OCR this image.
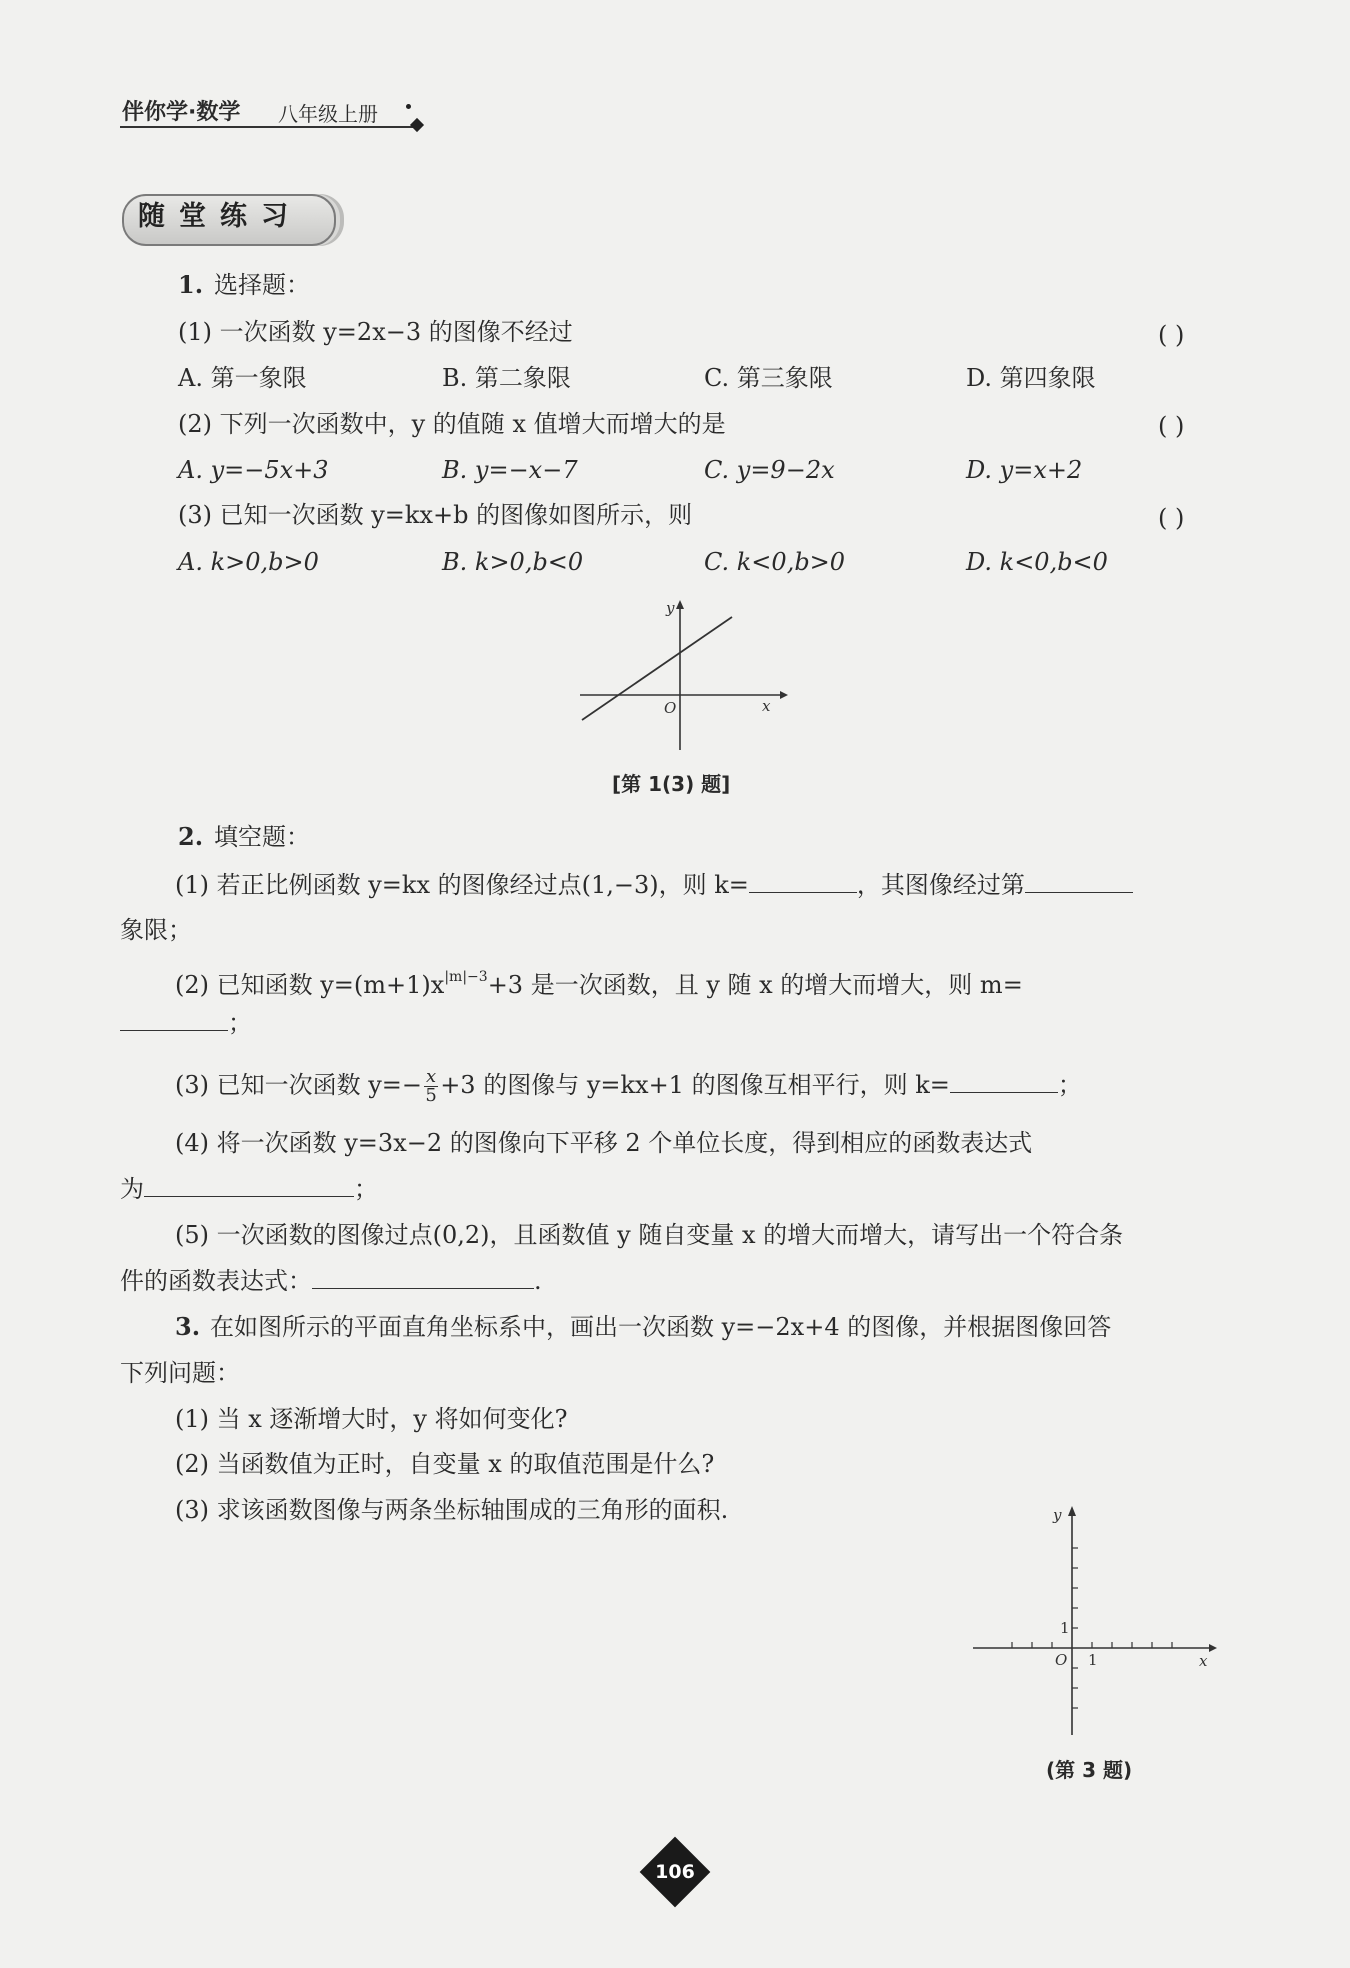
伴你学·数学 八年级上册
随堂练习
1. 选择题：
(1) 一次函数 y=2x−3 的图像不经过	( )
A. 第一象限	B. 第二象限	C. 第三象限	D. 第四象限
(2) 下列一次函数中，y 的值随 x 值增大而增大的是	( )
A. y=−5x+3	B. y=−x−7	C. y=9−2x	D. y=x+2
(3) 已知一次函数 y=kx+b 的图像如图所示，则	( )
A. k>0,b>0	B. k>0,b<0	C. k<0,b>0	D. k<0,b<0
y
x
O
[第 1(3) 题]
2. 填空题：
(1) 若正比例函数 y=kx 的图像经过点(1,−3)，则 k=	，其图像经过第
象限；
(2) 已知函数 $y=(m+1)x^{|m|-3}+3$ 是一次函数，且 y 随 x 的增大而增大，则 m=
；
(3) 已知一次函数 $y=- \frac{x}{5} +3$ 的图像与 y=kx+1 的图像互相平行，则 k=	；
(4) 将一次函数 y=3x−2 的图像向下平移 2 个单位长度，得到相应的函数表达式
为	；
(5) 一次函数的图像过点(0,2)，且函数值 y 随自变量 x 的增大而增大，请写出一个符合条
件的函数表达式：	.
3. 在如图所示的平面直角坐标系中，画出一次函数 y=−2x+4 的图像，并根据图像回答
下列问题：
(1) 当 x 逐渐增大时，y 将如何变化?
(2) 当函数值为正时，自变量 x 的取值范围是什么?
(3) 求该函数图像与两条坐标轴围成的三角形的面积.	y
x
O 1
1
(第 3 题)
106
